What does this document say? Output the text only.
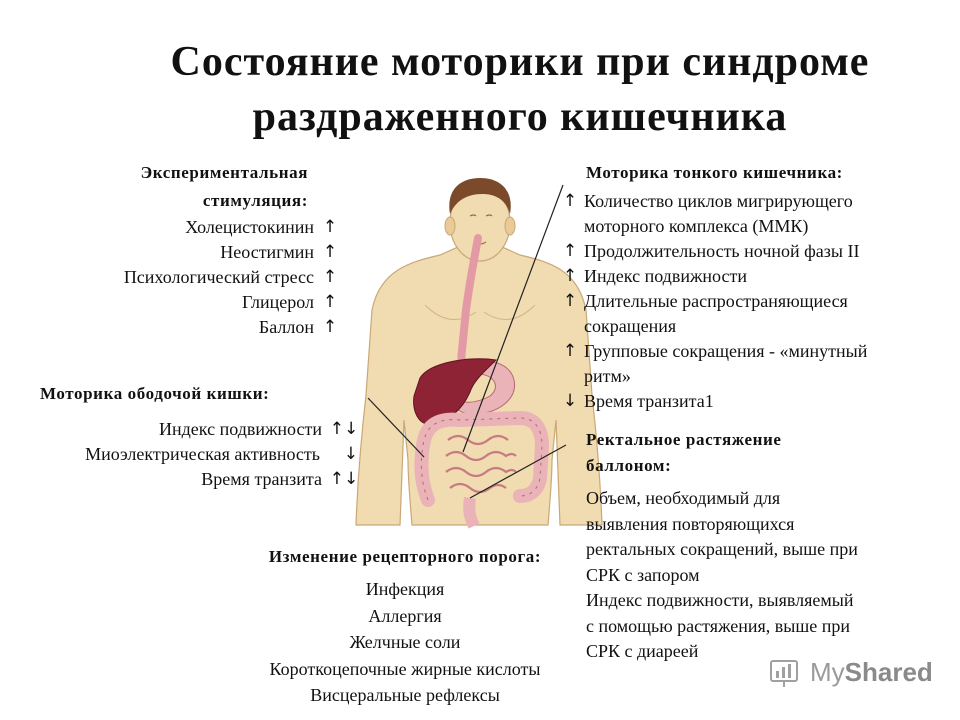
Состояние моторики при синдроме
раздраженного кишечника
Экспериментальная
стимуляция:
Холецистокинин ↑
Неостигмин ↑
Психологический стресс ↑
Глицерол ↑
Баллон ↑
Моторика ободочой кишки:
Индекс подвижности ↑↓
Миоэлектрическая активность	↓
Время транзита ↑↓
Моторика тонкого кишечника:
↑ Количество циклов мигрирующего
моторного комплекса (ММК)
↑ Продолжительность ночной фазы II
↑ Индекс подвижности
↑ Длительные распространяющиеся
сокращения
↑ Групповые сокращения - «минутный
ритм»
↓ Время транзита1
Ректальное растяжение
баллоном:
Объем, необходимый для
выявления повторяющихся
ректальных сокращений, выше при
СРК с запором
Индекс подвижности, выявляемый
с помощью растяжения, выше при
СРК с диареей
Изменение рецепторного порога:
Инфекция
Аллергия
Желчные соли
Короткоцепочные жирные кислоты
Висцеральные рефлексы
My Shared
